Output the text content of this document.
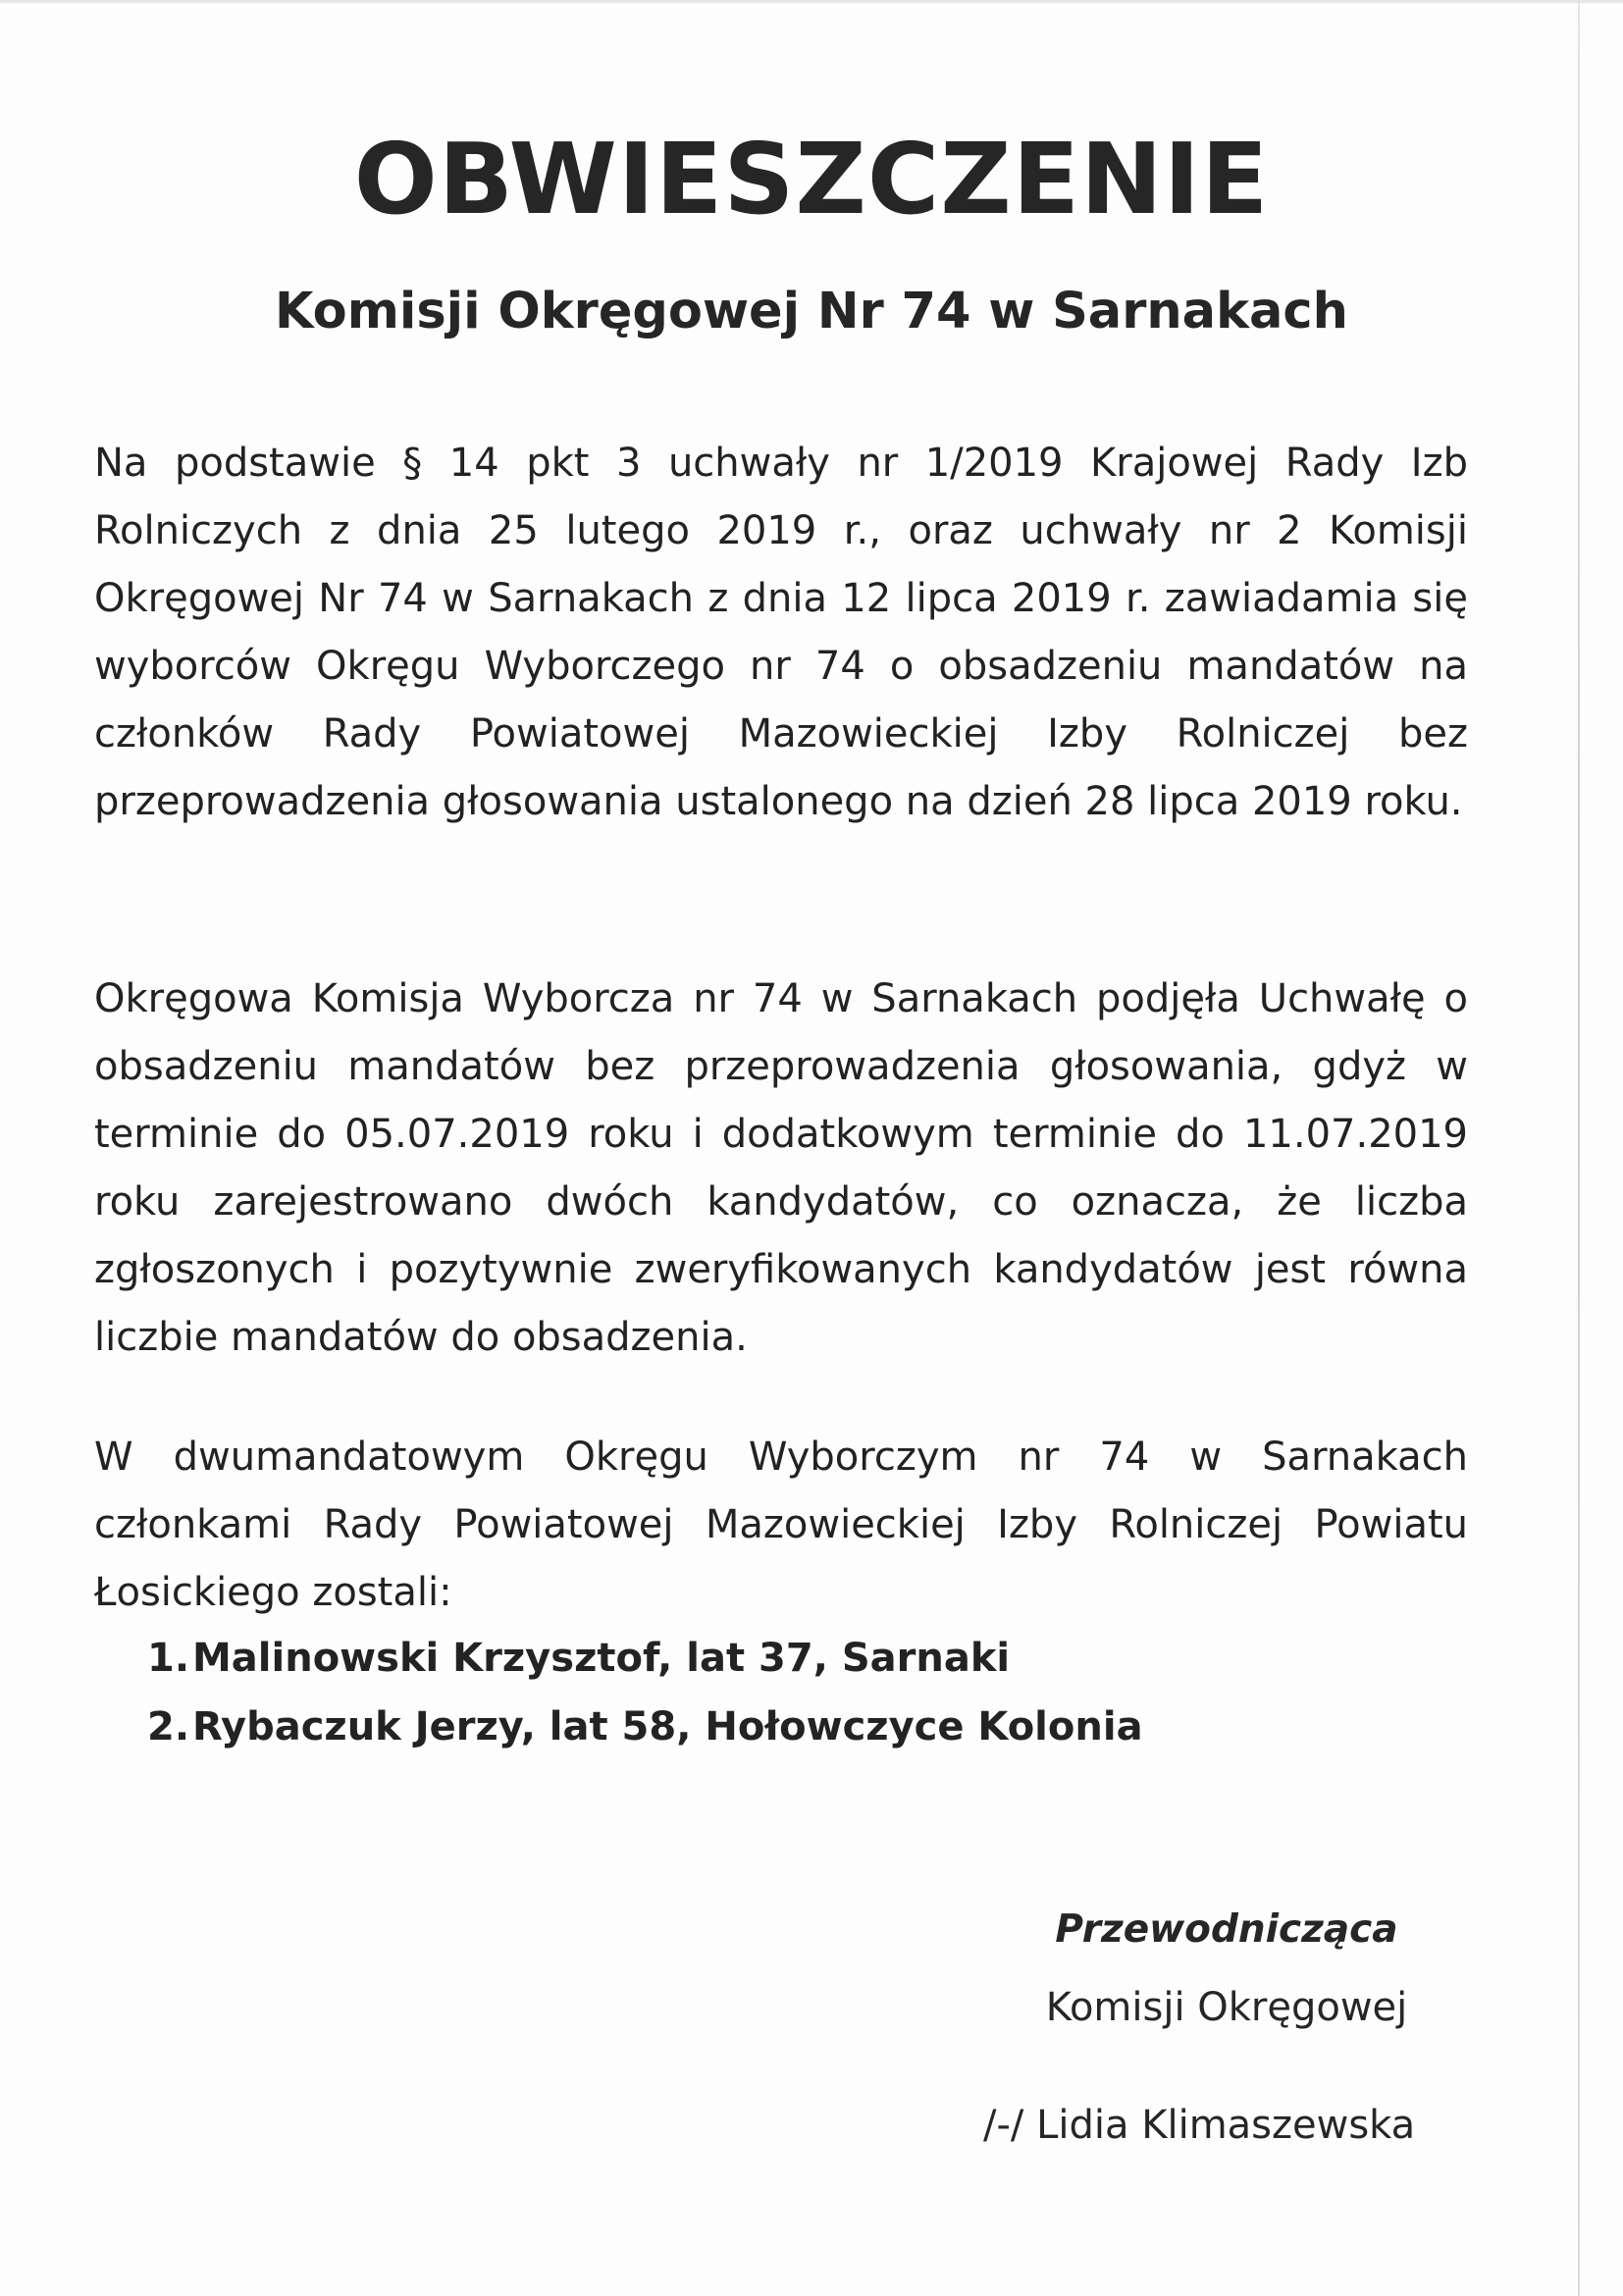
OBWIESZCZENIE
Komisji Okręgowej Nr 74 w Sarnakach

Na podstawie § 14 pkt 3 uchwały nr 1/2019 Krajowej Rady Izb Rolniczych z dnia 25 lutego 2019 r., oraz uchwały nr 2 Komisji Okręgowej Nr 74 w Sarnakach z dnia 12 lipca 2019 r. zawiadamia się wyborców Okręgu Wyborczego nr 74 o obsadzeniu mandatów na członków Rady Powiatowej Mazowieckiej Izby Rolniczej bez przeprowadzenia głosowania ustalonego na dzień 28 lipca 2019 roku.

Okręgowa Komisja Wyborcza nr 74 w Sarnakach podjęła Uchwałę o obsadzeniu mandatów bez przeprowadzenia głosowania, gdyż w terminie do 05.07.2019 roku i dodatkowym terminie do 11.07.2019 roku zarejestrowano dwóch kandydatów, co oznacza, że liczba zgłoszonych i pozytywnie zweryfikowanych kandydatów jest równa liczbie mandatów do obsadzenia.

W dwumandatowym Okręgu Wyborczym nr 74 w Sarnakach członkami Rady Powiatowej Mazowieckiej Izby Rolniczej Powiatu Łosickiego zostali:

1.Malinowski Krzysztof, lat 37, Sarnaki
2.Rybaczuk Jerzy, lat 58, Hołowczyce Kolonia

Przewodnicząca

Komisji Okręgowej

/-/ Lidia Klimaszewska
